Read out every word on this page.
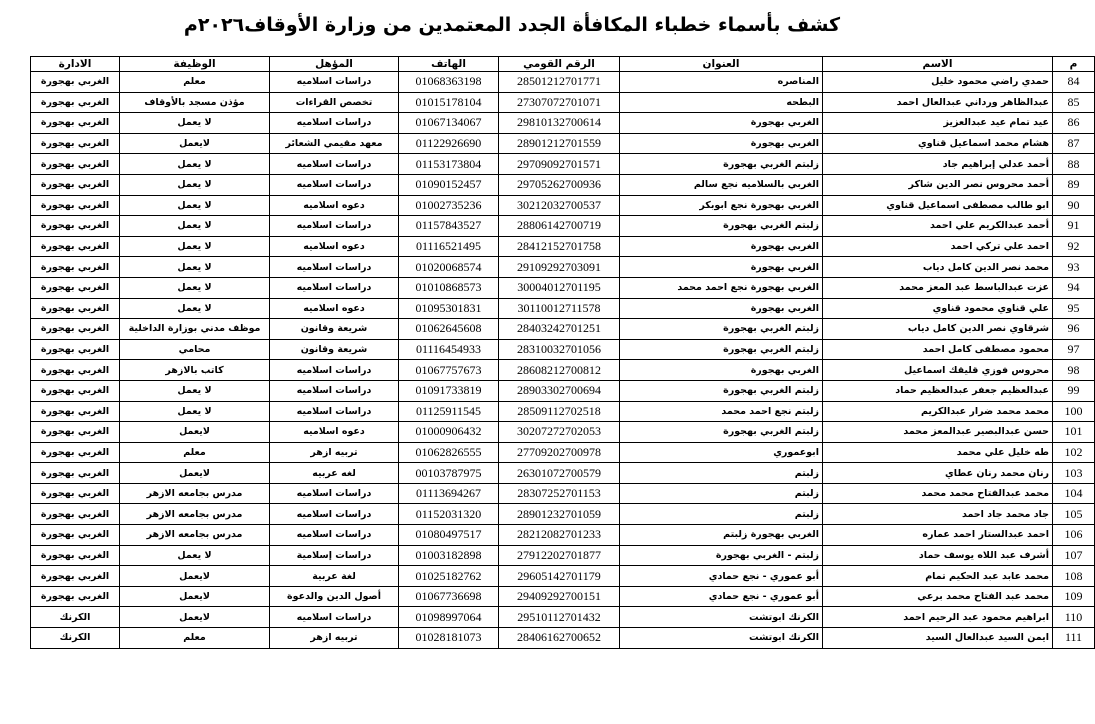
كشف بأسماء خطباء المكافأة الجدد المعتمدين من وزارة الأوقاف٢٠٢٦م
م	الاسم	العنوان	الرقم القومي	الهاتف	المؤهل	الوظيفة	الادارة
84	حمدي راضي محمود خليل	المناصره	28501212701771	01068363198	دراسات اسلاميه	معلم	الغربي بهجورة
85	عبدالظاهر ورداني عبدالعال احمد	البطحه	27307072701071	01015178104	تخصص القراءات	مؤذن مسجد بالأوقاف	الغربي بهجورة
86	عيد تمام عيد عبدالعزيز	الغربي بهجورة	29810132700614	01067134067	دراسات اسلاميه	لا يعمل	الغربي بهجورة
87	هشام محمد اسماعيل قناوي	الغربي بهجورة	28901212701559	01122926690	معهد مقيمي الشعائر	لايعمل	الغربي بهجورة
88	أحمد عدلي إبراهيم جاد	زلبتم الغربي بهجورة	29709092701571	01153173804	دراسات اسلاميه	لا يعمل	الغربي بهجورة
89	أحمد محروس نصر الدين شاكر	الغربي بالسلاميه نجع سالم	29705262700936	01090152457	دراسات اسلاميه	لا يعمل	الغربي بهجورة
90	ابو طالب مصطفى اسماعيل قناوي	الغربي بهجورة نجع ابوبكر	30212032700537	01002735236	دعوه اسلاميه	لا يعمل	الغربي بهجورة
91	أحمد عبدالكريم علي احمد	زلبتم الغربي بهجورة	28806142700719	01157843527	دراسات اسلاميه	لا يعمل	الغربي بهجورة
92	احمد علي تركي احمد	الغربي بهجورة	28412152701758	01116521495	دعوه اسلاميه	لا يعمل	الغربي بهجورة
93	محمد نصر الدين كامل دياب	الغربي بهجورة	29109292703091	01020068574	دراسات اسلاميه	لا يعمل	الغربي بهجورة
94	عزت عبدالباسط عبد المعز محمد	الغربي بهجورة نجع احمد محمد	30004012701195	01010868573	دراسات اسلاميه	لا يعمل	الغربي بهجورة
95	علي قناوي محمود قناوي	الغربي بهجورة	30110012711578	01095301831	دعوه اسلاميه	لا يعمل	الغربي بهجورة
96	شرقاوي نصر الدين كامل دياب	زلبتم الغربي بهجورة	28403242701251	01062645608	شريعة وقانون	موظف مدني بوزارة الداخلية	الغربي بهجورة
97	محمود مصطفى كامل احمد	زلبتم الغربي بهجورة	28310032701056	01116454933	شريعة وقانون	محامي	الغربي بهجورة
98	محروس فوزي قليقك اسماعيل	الغربي بهجورة	28608212700812	01067757673	دراسات اسلاميه	كاتب بالازهر	الغربي بهجورة
99	عبدالعظيم جعفر عبدالعظيم حماد	زلبتم الغربي بهجورة	28903302700694	01091733819	دراسات اسلاميه	لا يعمل	الغربي بهجورة
100	محمد محمد ضرار عبدالكريم	زلبتم نجع احمد محمد	28509112702518	01125911545	دراسات اسلاميه	لا يعمل	الغربي بهجورة
101	حسن عبدالبصير عبدالمعز محمد	زلبتم الغربي بهجورة	30207272702053	01000906432	دعوه اسلاميه	لايعمل	الغربي بهجورة
102	طه خليل علي محمد	ابوعموري	27709202700978	01062826555	تربيه ازهر	معلم	الغربي بهجورة
103	رنان محمد رنان عطاي	زلبتم	26301072700579	00103787975	لغه عربيه	لايعمل	الغربي بهجورة
104	محمد عبدالفتاح محمد محمد	زلبتم	28307252701153	01113694267	دراسات اسلاميه	مدرس بجامعه الازهر	الغربي بهجورة
105	جاد محمد جاد احمد	زلبتم	28901232701059	01152031320	دراسات اسلاميه	مدرس بجامعه الازهر	الغربي بهجورة
106	احمد عبدالستار احمد عماره	الغربي بهجورة زلبتم	28212082701233	01080497517	دراسات اسلاميه	مدرس بجامعه الازهر	الغربي بهجورة
107	أشرف عبد اللاه يوسف حماد	زلبتم - الغربي بهجورة	27912202701877	01003182898	دراسات إسلامية	لا يعمل	الغربي بهجورة
108	محمد عابد عبد الحكيم تمام	أبو عموري - نجع حمادي	29605142701179	01025182762	لغة عربية	لايعمل	الغربي بهجورة
109	محمد عبد الفتاح محمد برعي	أبو عموري - نجع حمادي	29409292700151	01067736698	أصول الدين والدعوة	لايعمل	الغربي بهجورة
110	ابراهيم محمود عبد الرحيم احمد	الكرنك ابوتشت	29510112701432	01098997064	دراسات اسلاميه	لايعمل	الكرنك
111	ايمن السيد عبدالعال السيد	الكرنك ابوتشت	28406162700652	01028181073	تربيه ازهر	معلم	الكرنك
